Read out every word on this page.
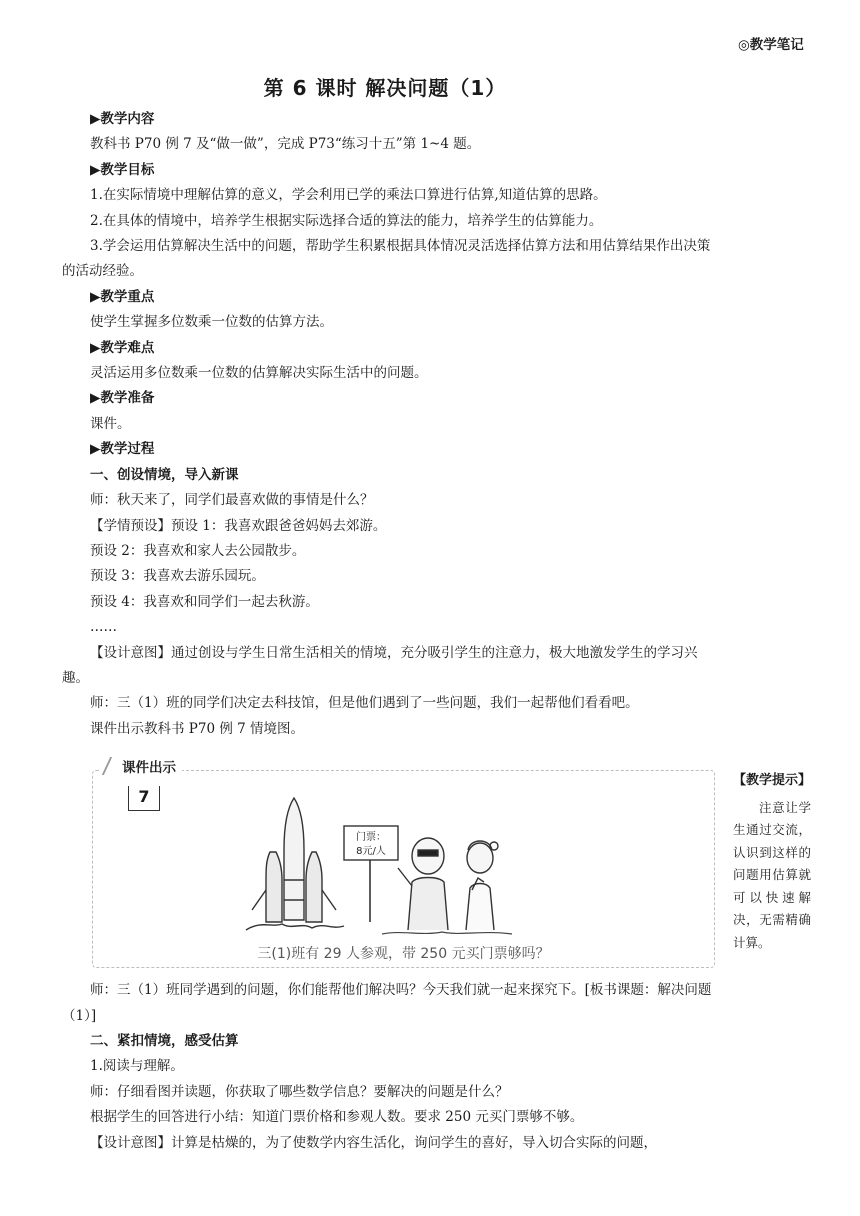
◎教学笔记
第 6 课时 解决问题（1）

▶教学内容

教科书 P70 例 7 及“做一做”，完成 P73“练习十五”第 1~4 题。

▶教学目标

1.在实际情境中理解估算的意义，学会利用已学的乘法口算进行估算,知道估算的思路。

2.在具体的情境中，培养学生根据实际选择合适的算法的能力，培养学生的估算能力。

3.学会运用估算解决生活中的问题，帮助学生积累根据具体情况灵活选择估算方法和用估算结果作出决策的活动经验。

▶教学重点

使学生掌握多位数乘一位数的估算方法。

▶教学难点

灵活运用多位数乘一位数的估算解决实际生活中的问题。

▶教学准备

课件。

▶教学过程

一、创设情境，导入新课

师：秋天来了，同学们最喜欢做的事情是什么？

【学情预设】预设 1：我喜欢跟爸爸妈妈去郊游。

预设 2：我喜欢和家人去公园散步。

预设 3：我喜欢去游乐园玩。

预设 4：我喜欢和同学们一起去秋游。

……

【设计意图】通过创设与学生日常生活相关的情境，充分吸引学生的注意力，极大地激发学生的学习兴趣。

师：三（1）班的同学们决定去科技馆，但是他们遇到了一些问题，我们一起帮他们看看吧。

课件出示教科书 P70 例 7 情境图。

课件出示
7
门票：
8元/人
三(1)班有 29 人参观，带 250 元买门票够吗？

师：三（1）班同学遇到的问题，你们能帮他们解决吗？今天我们就一起来探究下。[板书课题：解决问题（1）]

二、紧扣情境，感受估算

1.阅读与理解。

师：仔细看图并读题，你获取了哪些数学信息？要解决的问题是什么？

根据学生的回答进行小结：知道门票价格和参观人数。要求 250 元买门票够不够。

【设计意图】计算是枯燥的，为了使数学内容生活化，询问学生的喜好，导入切合实际的问题，

【教学提示】

注意让学生通过交流，认识到这样的问题用估算就可以快速解决，无需精确计算。
